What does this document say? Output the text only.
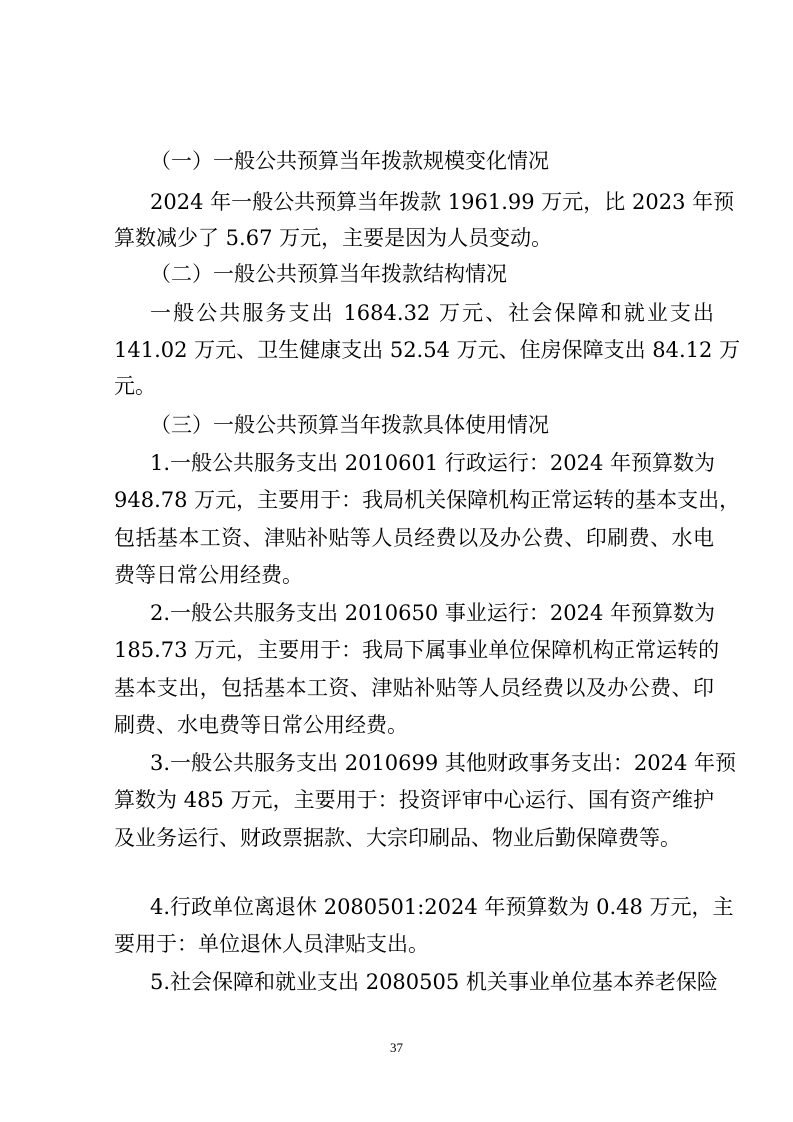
（一）一般公共预算当年拨款规模变化情况
2024 年一般公共预算当年拨款 1961.99 万元，比 2023 年预
算数减少了 5.67 万元，主要是因为人员变动。
（二）一般公共预算当年拨款结构情况
一般公共服务支出 1684.32 万元、社会保障和就业支出
141.02 万元、卫生健康支出 52.54 万元、住房保障支出 84.12 万
元。
（三）一般公共预算当年拨款具体使用情况
1.一般公共服务支出 2010601 行政运行：2024 年预算数为
948.78 万元，主要用于：我局机关保障机构正常运转的基本支出，
包括基本工资、津贴补贴等人员经费以及办公费、印刷费、水电
费等日常公用经费。
2.一般公共服务支出 2010650 事业运行：2024 年预算数为
185.73 万元，主要用于：我局下属事业单位保障机构正常运转的
基本支出，包括基本工资、津贴补贴等人员经费以及办公费、印
刷费、水电费等日常公用经费。
3.一般公共服务支出 2010699 其他财政事务支出：2024 年预
算数为 485 万元，主要用于：投资评审中心运行、国有资产维护
及业务运行、财政票据款、大宗印刷品、物业后勤保障费等。
4.行政单位离退休 2080501:2024 年预算数为 0.48 万元，主
要用于：单位退休人员津贴支出。
5.社会保障和就业支出 2080505 机关事业单位基本养老保险
37
